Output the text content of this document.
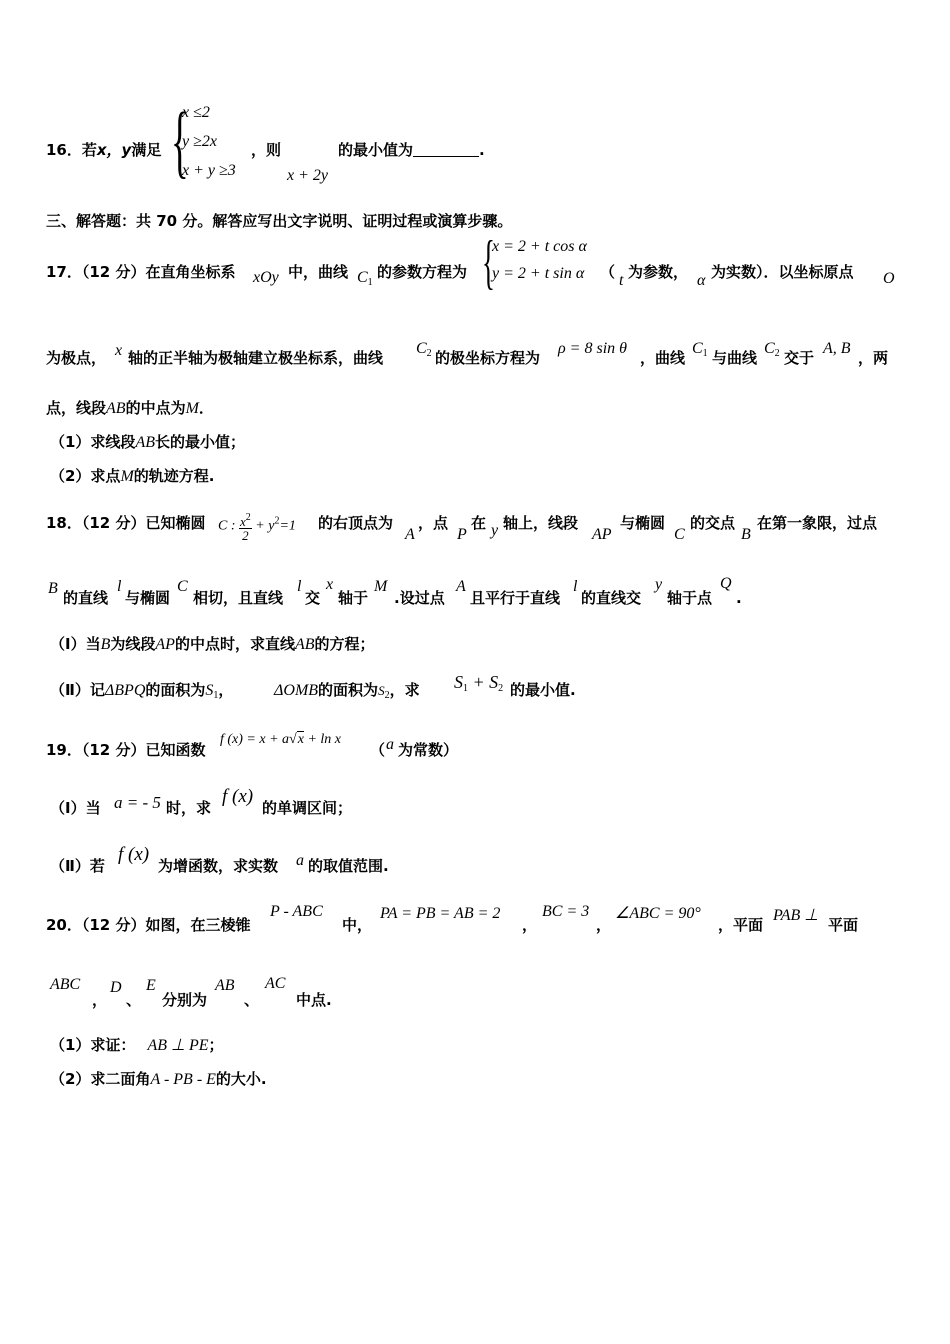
{
x ≤2
y ≥2x
x + y ≥3
16．若x，y满足	，则
x + 2y
的最小值为	.
三、解答题：共 70 分。解答应写出文字说明、证明过程或演算步骤。
{
x = 2 + t cos α
y = 2 + t sin α
17．（12 分）在直角坐标系 xOy 中，曲线 C1
的参数方程为	（ t 为参数， α 为实数）．以坐标原点 O
为极点， x 轴的正半轴为极轴建立极坐标系，曲线
C2 的极坐标方程为
ρ = 8 sin θ
，曲线
C1 与曲线
C2 交于
A, B
，两
点，线段AB的中点为M．
（1）求线段AB长的最小值；
（2）求点M的轨迹方程.
18．（12 分）已知椭圆 C : $\frac{x^2}{2} + y^2=1$ 的右顶点为
A
，点
P
在 y 轴上，线段
AP
与椭圆
C
的交点
B
在第一象限，过点
B
的直线
l
与椭圆
C
相切，且直线
l
交
x
轴于
M
.设过点
A
且平行于直线
l
的直线交
y
轴于点
Q
.
（Ⅰ）当B为线段AP的中点时，求直线AB的方程；
（Ⅱ）记ΔBPQ的面积为S1，	ΔOMB的面积为$S_2$，求 S1 + S2 的最小值.
19．（12 分）已知函数
f (x) = x + a√x + ln x
（ a 为常数）
（Ⅰ）当 a = - 5 时，求
f (x)
的单调区间；
（Ⅱ）若
f (x)
为增函数，求实数 a 的取值范围.
20．（12 分）如图，在三棱锥
P - ABC
中，
PA = PB = AB = 2
，
BC = 3
，
∠ABC = 90°
，平面
PAB ⊥
平面
ABC
，
D
、
E
分别为
AB
、
AC
中点.
（1）求证： AB ⊥ PE；
（2）求二面角A - PB - E的大小.
